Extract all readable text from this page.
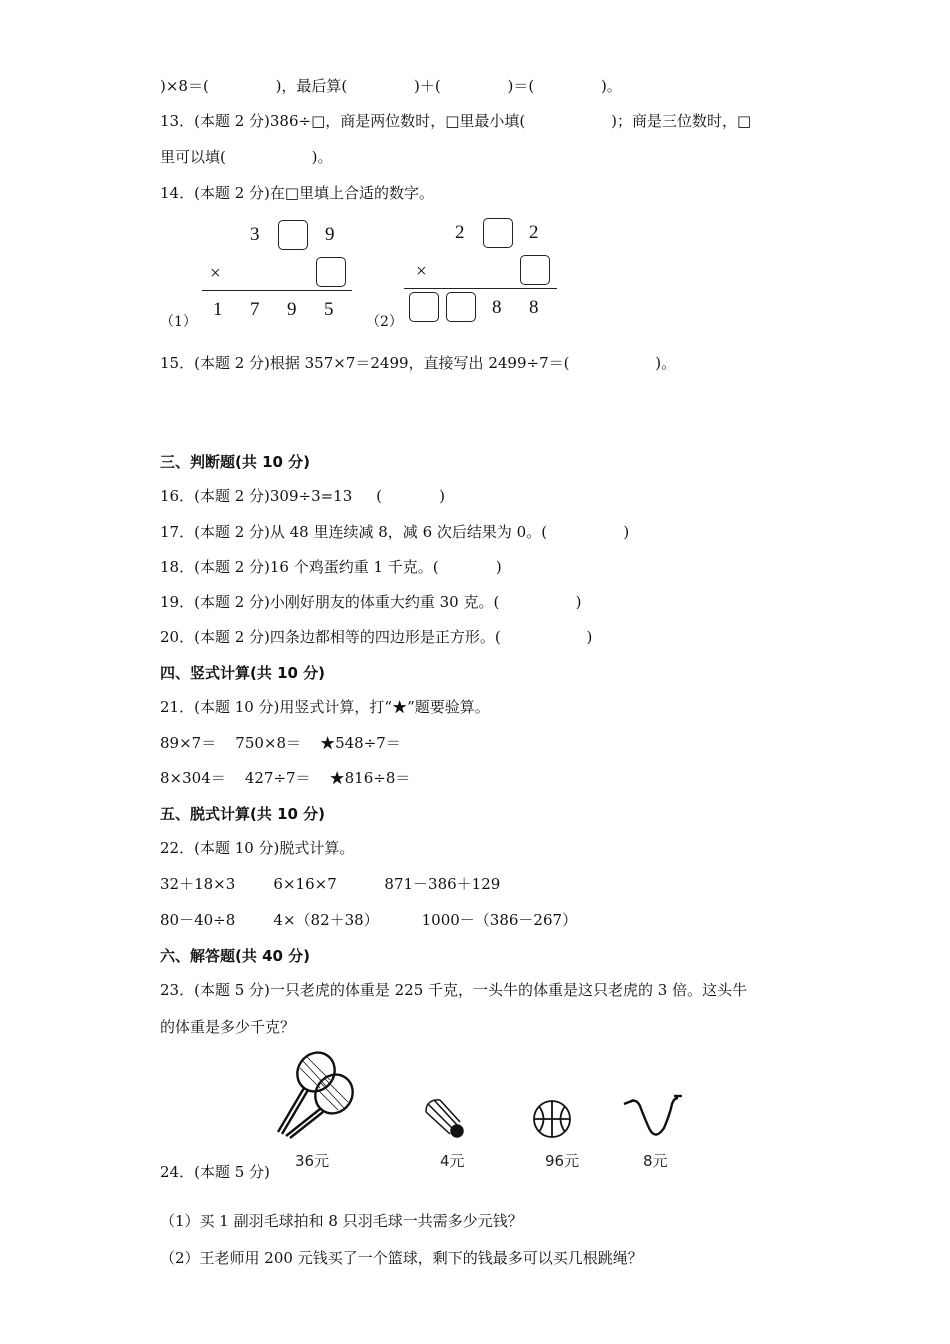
)×8＝(              )，最后算(              )＋(              )＝(              )。
13．(本题 2 分)386÷□，商是两位数时，□里最小填(                  )；商是三位数时，□
里可以填(                  )。
14．(本题 2 分)在□里填上合适的数字。
3	9
×
（1）
1 7 9 5
2	2
×
（2）
8 8
15．(本题 2 分)根据 357×7＝2499，直接写出 2499÷7＝(                  )。
三、判断题(共 10 分)
16．(本题 2 分)309÷3=13     (            )
17．(本题 2 分)从 48 里连续减 8，减 6 次后结果为 0。(                )
18．(本题 2 分)16 个鸡蛋约重 1 千克。(            )
19．(本题 2 分)小刚好朋友的体重大约重 30 克。(                )
20．(本题 2 分)四条边都相等的四边形是正方形。(                  )
四、竖式计算(共 10 分)
21．(本题 10 分)用竖式计算，打“★”题要验算。
89×7＝    750×8＝    ★548÷7＝
8×304＝    427÷7＝    ★816÷8＝
五、脱式计算(共 10 分)
22．(本题 10 分)脱式计算。
32＋18×3        6×16×7          871－386＋129
80－40÷8        4×（82＋38）         1000－（386－267）
六、解答题(共 40 分)
23．(本题 5 分)一只老虎的体重是 225 千克，一头牛的体重是这只老虎的 3 倍。这头牛
的体重是多少千克？
36元	4元	96元	8元
24．(本题 5 分)
（1）买 1 副羽毛球拍和 8 只羽毛球一共需多少元钱？
（2）王老师用 200 元钱买了一个篮球，剩下的钱最多可以买几根跳绳？
